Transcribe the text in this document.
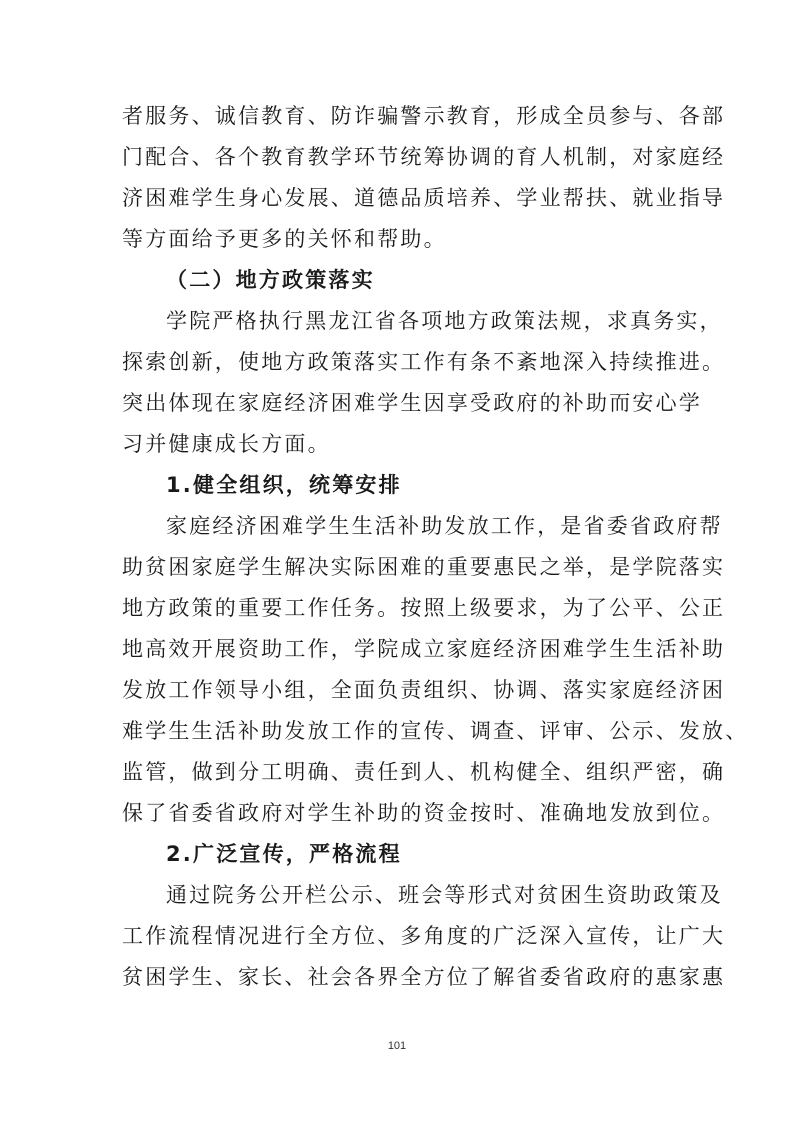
者服务、诚信教育、防诈骗警示教育，形成全员参与、各部
门配合、各个教育教学环节统筹协调的育人机制，对家庭经
济困难学生身心发展、道德品质培养、学业帮扶、就业指导
等方面给予更多的关怀和帮助。
（二）地方政策落实
学院严格执行黑龙江省各项地方政策法规，求真务实，
探索创新，使地方政策落实工作有条不紊地深入持续推进。
突出体现在家庭经济困难学生因享受政府的补助而安心学
习并健康成长方面。
1.健全组织，统筹安排
家庭经济困难学生生活补助发放工作，是省委省政府帮
助贫困家庭学生解决实际困难的重要惠民之举，是学院落实
地方政策的重要工作任务。按照上级要求，为了公平、公正
地高效开展资助工作，学院成立家庭经济困难学生生活补助
发放工作领导小组，全面负责组织、协调、落实家庭经济困
难学生生活补助发放工作的宣传、调查、评审、公示、发放、
监管，做到分工明确、责任到人、机构健全、组织严密，确
保了省委省政府对学生补助的资金按时、准确地发放到位。
2.广泛宣传，严格流程
通过院务公开栏公示、班会等形式对贫困生资助政策及
工作流程情况进行全方位、多角度的广泛深入宣传，让广大
贫困学生、家长、社会各界全方位了解省委省政府的惠家惠
101
